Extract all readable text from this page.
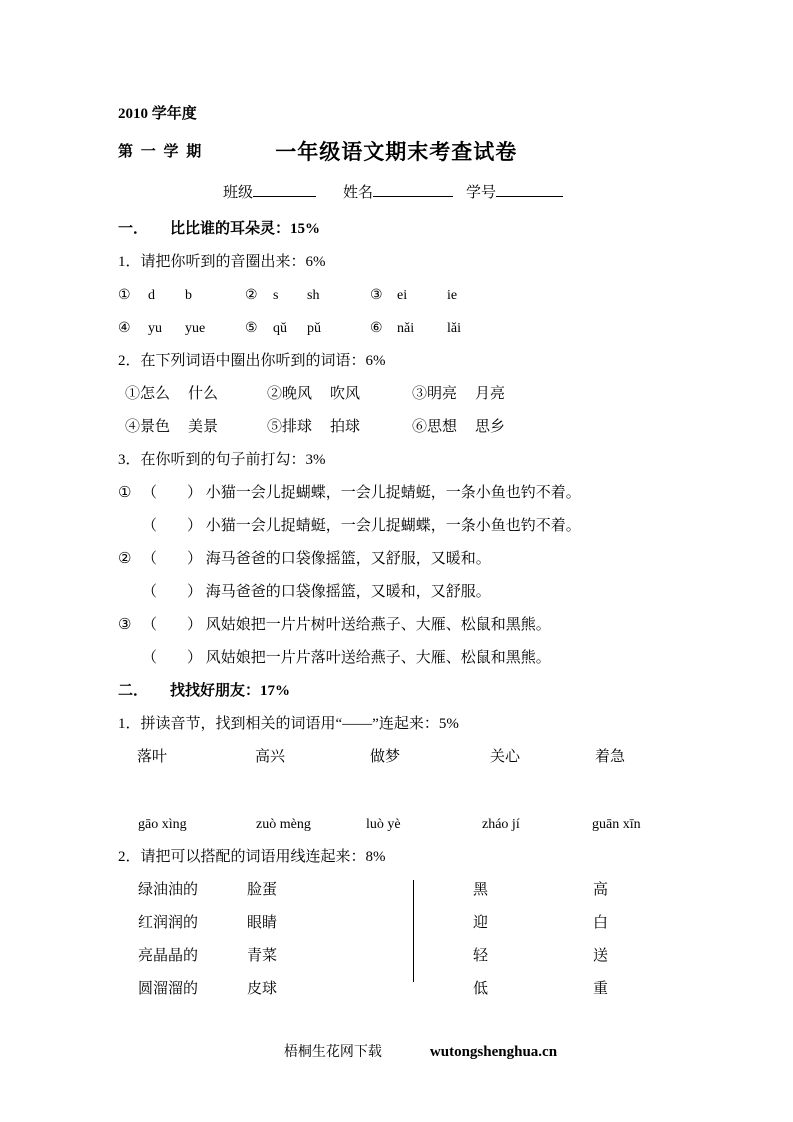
2010 学年度
第 一 学 期	一年级语文期末考查试卷
班级	姓名	学号
一． 比比谁的耳朵灵：15%
1．请把你听到的音圈出来：6%
① d b	② s sh	③ ei	ie
④ yu yue	⑤ qǔ pǔ	⑥ nǎi lǎi
2．在下列词语中圈出你听到的词语：6%
①怎么 什么	②晚风 吹风	③明亮 月亮
④景色 美景	⑤排球 拍球	⑥思想 思乡
3．在你听到的句子前打勾：3%
① （　　） 小猫一会儿捉蝴蝶，一会儿捉蜻蜓，一条小鱼也钓不着。
（　　） 小猫一会儿捉蜻蜓，一会儿捉蝴蝶，一条小鱼也钓不着。
② （　　） 海马爸爸的口袋像摇篮，又舒服，又暖和。
（　　） 海马爸爸的口袋像摇篮，又暖和，又舒服。
③ （　　） 风姑娘把一片片树叶送给燕子、大雁、松鼠和黑熊。
（　　） 风姑娘把一片片落叶送给燕子、大雁、松鼠和黑熊。
二． 找找好朋友：17%
1．拼读音节，找到相关的词语用“——”连起来：5%
落叶	高兴	做梦	关心	着急
gāo xìng	zuò mèng	luò yè	zháo jí	guān xīn
2．请把可以搭配的词语用线连起来：8%
绿油油的	脸蛋	黑	高
红润润的	眼睛	迎	白
亮晶晶的	青菜	轻	送
圆溜溜的	皮球	低	重
梧桐生花网下载	wutongshenghua.cn
